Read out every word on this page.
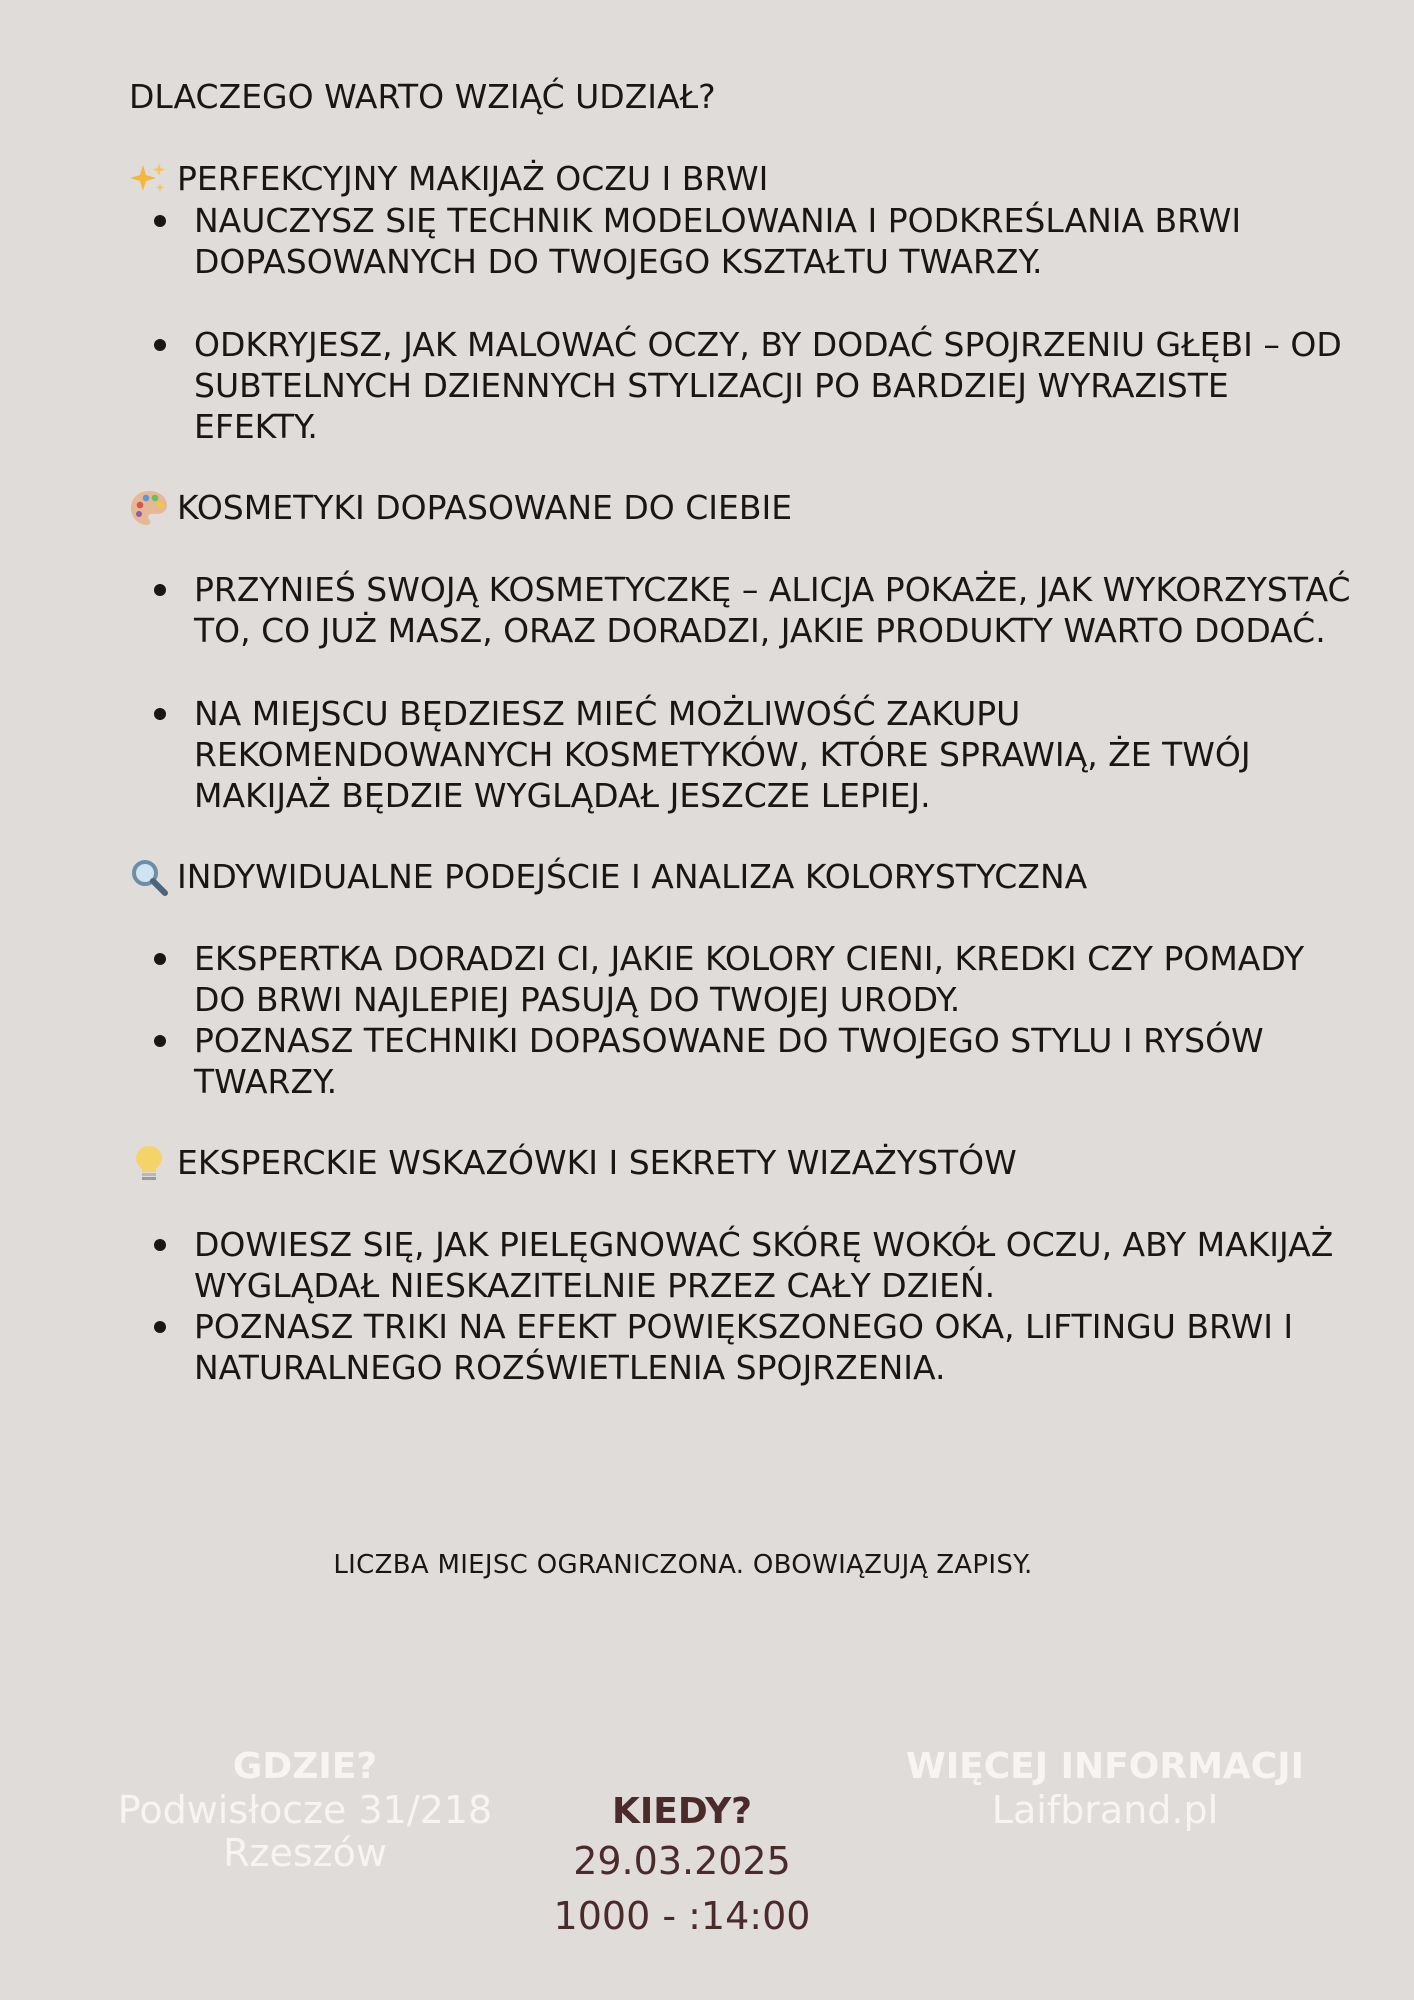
DLACZEGO WARTO WZIĄĆ UDZIAŁ?
PERFEKCYJNY MAKIJAŻ OCZU I BRWI
NAUCZYSZ SIĘ TECHNIK MODELOWANIA I PODKREŚLANIA BRWI DOPASOWANYCH DO TWOJEGO KSZTAŁTU TWARZY.
ODKRYJESZ, JAK MALOWAĆ OCZY, BY DODAĆ SPOJRZENIU GŁĘBI – OD SUBTELNYCH DZIENNYCH STYLIZACJI PO BARDZIEJ WYRAZISTE EFEKTY.
KOSMETYKI DOPASOWANE DO CIEBIE
PRZYNIEŚ SWOJĄ KOSMETYCZKĘ – ALICJA POKAŻE, JAK WYKORZYSTAĆ TO, CO JUŻ MASZ, ORAZ DORADZI, JAKIE PRODUKTY WARTO DODAĆ.
NA MIEJSCU BĘDZIESZ MIEĆ MOŻLIWOŚĆ ZAKUPU REKOMENDOWANYCH KOSMETYKÓW, KTÓRE SPRAWIĄ, ŻE TWÓJ MAKIJAŻ BĘDZIE WYGLĄDAŁ JESZCZE LEPIEJ.
INDYWIDUALNE PODEJŚCIE I ANALIZA KOLORYSTYCZNA
EKSPERTKA DORADZI CI, JAKIE KOLORY CIENI, KREDKI CZY POMADY DO BRWI NAJLEPIEJ PASUJĄ DO TWOJEJ URODY.
POZNASZ TECHNIKI DOPASOWANE DO TWOJEGO STYLU I RYSÓW TWARZY.
EKSPERCKIE WSKAZÓWKI I SEKRETY WIZAŻYSTÓW
DOWIESZ SIĘ, JAK PIELĘGNOWAĆ SKÓRĘ WOKÓŁ OCZU, ABY MAKIJAŻ WYGLĄDAŁ NIESKAZITELNIE PRZEZ CAŁY DZIEŃ.
POZNASZ TRIKI NA EFEKT POWIĘKSZONEGO OKA, LIFTINGU BRWI I NATURALNEGO ROZŚWIETLENIA SPOJRZENIA.
LICZBA MIEJSC OGRANICZONA. OBOWIĄZUJĄ ZAPISY.
GDZIE?
Podwisłocze 31/218
Rzeszów
KIEDY?
29.03.2025
1000 - :14:00
WIĘCEJ INFORMACJI
Laifbrand.pl
